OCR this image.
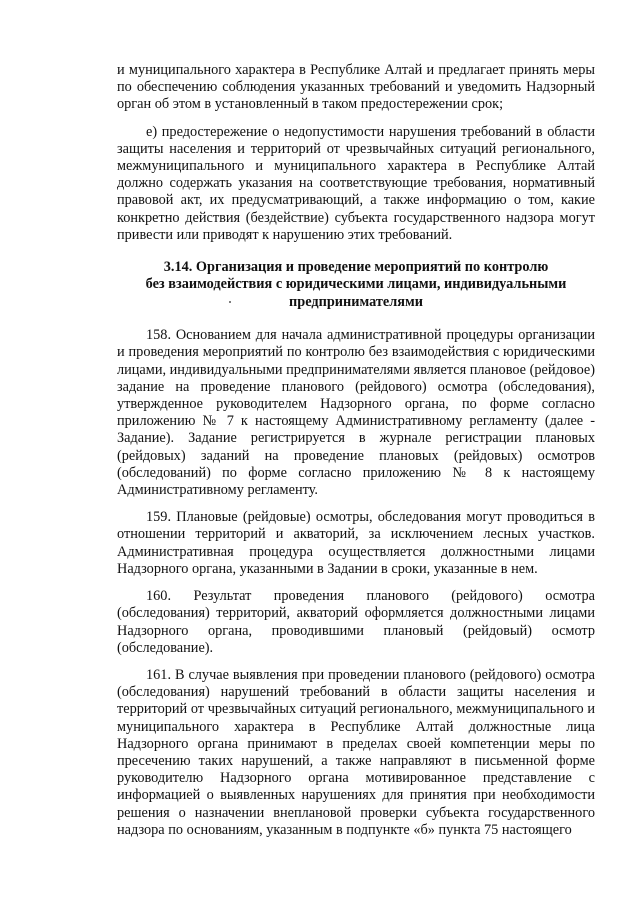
и муниципального характера в Республике Алтай и предлагает принять меры по обеспечению соблюдения указанных требований и уведомить Надзорный орган об этом в установленный в таком предостережении срок;

е) предостережение о недопустимости нарушения требований в области защиты населения и территорий от чрезвычайных ситуаций регионального, межмуниципального и муниципального характера в Республике Алтай должно содержать указания на соответствующие требования, нормативный правовой акт, их предусматривающий, а также информацию о том, какие конкретно действия (бездействие) субъекта государственного надзора могут привести или приводят к нарушению этих требований.

3.14. Организация и проведение мероприятий по контролю
без взаимодействия с юридическими лицами, индивидуальными
предпринимателями

158. Основанием для начала административной процедуры организации и проведения мероприятий по контролю без взаимодействия с юридическими лицами, индивидуальными предпринимателями является плановое (рейдовое) задание на проведение планового (рейдового) осмотра (обследования), утвержденное руководителем Надзорного органа, по форме согласно приложению № 7 к настоящему Административному регламенту (далее - Задание). Задание регистрируется в журнале регистрации плановых (рейдовых) заданий на проведение плановых (рейдовых) осмотров (обследований) по форме согласно приложению № 8 к настоящему Административному регламенту.

159. Плановые (рейдовые) осмотры, обследования могут проводиться в отношении территорий и акваторий, за исключением лесных участков. Административная процедура осуществляется должностными лицами Надзорного органа, указанными в Задании в сроки, указанные в нем.

160. Результат проведения планового (рейдового) осмотра (обследования) территорий, акваторий оформляется должностными лицами Надзорного органа, проводившими плановый (рейдовый) осмотр (обследование).

161. В случае выявления при проведении планового (рейдового) осмотра (обследования) нарушений требований в области защиты населения и территорий от чрезвычайных ситуаций регионального, межмуниципального и муниципального характера в Республике Алтай должностные лица Надзорного органа принимают в пределах своей компетенции меры по пресечению таких нарушений, а также направляют в письменной форме руководителю Надзорного органа мотивированное представление с информацией о выявленных нарушениях для принятия при необходимости решения о назначении внеплановой проверки субъекта государственного надзора по основаниям, указанным в подпункте «б» пункта 75 настоящего
